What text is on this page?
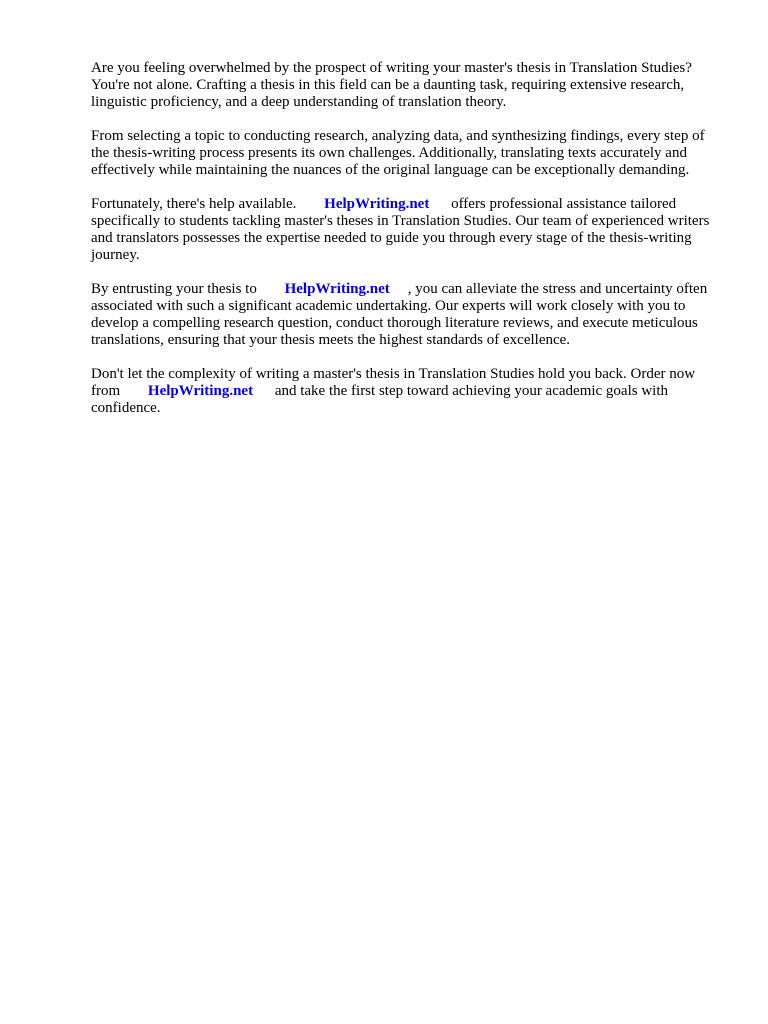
Are you feeling overwhelmed by the prospect of writing your master's thesis in Translation Studies? You're not alone. Crafting a thesis in this field can be a daunting task, requiring extensive research, linguistic proficiency, and a deep understanding of translation theory.

From selecting a topic to conducting research, analyzing data, and synthesizing findings, every step of the thesis-writing process presents its own challenges. Additionally, translating texts accurately and effectively while maintaining the nuances of the original language can be exceptionally demanding.

Fortunately, there's help available. HelpWriting.net offers professional assistance tailored specifically to students tackling master's theses in Translation Studies. Our team of experienced writers and translators possesses the expertise needed to guide you through every stage of the thesis-writing journey.

By entrusting your thesis to HelpWriting.net , you can alleviate the stress and uncertainty often associated with such a significant academic undertaking. Our experts will work closely with you to develop a compelling research question, conduct thorough literature reviews, and execute meticulous translations, ensuring that your thesis meets the highest standards of excellence.

Don't let the complexity of writing a master's thesis in Translation Studies hold you back. Order now from HelpWriting.net and take the first step toward achieving your academic goals with confidence.
